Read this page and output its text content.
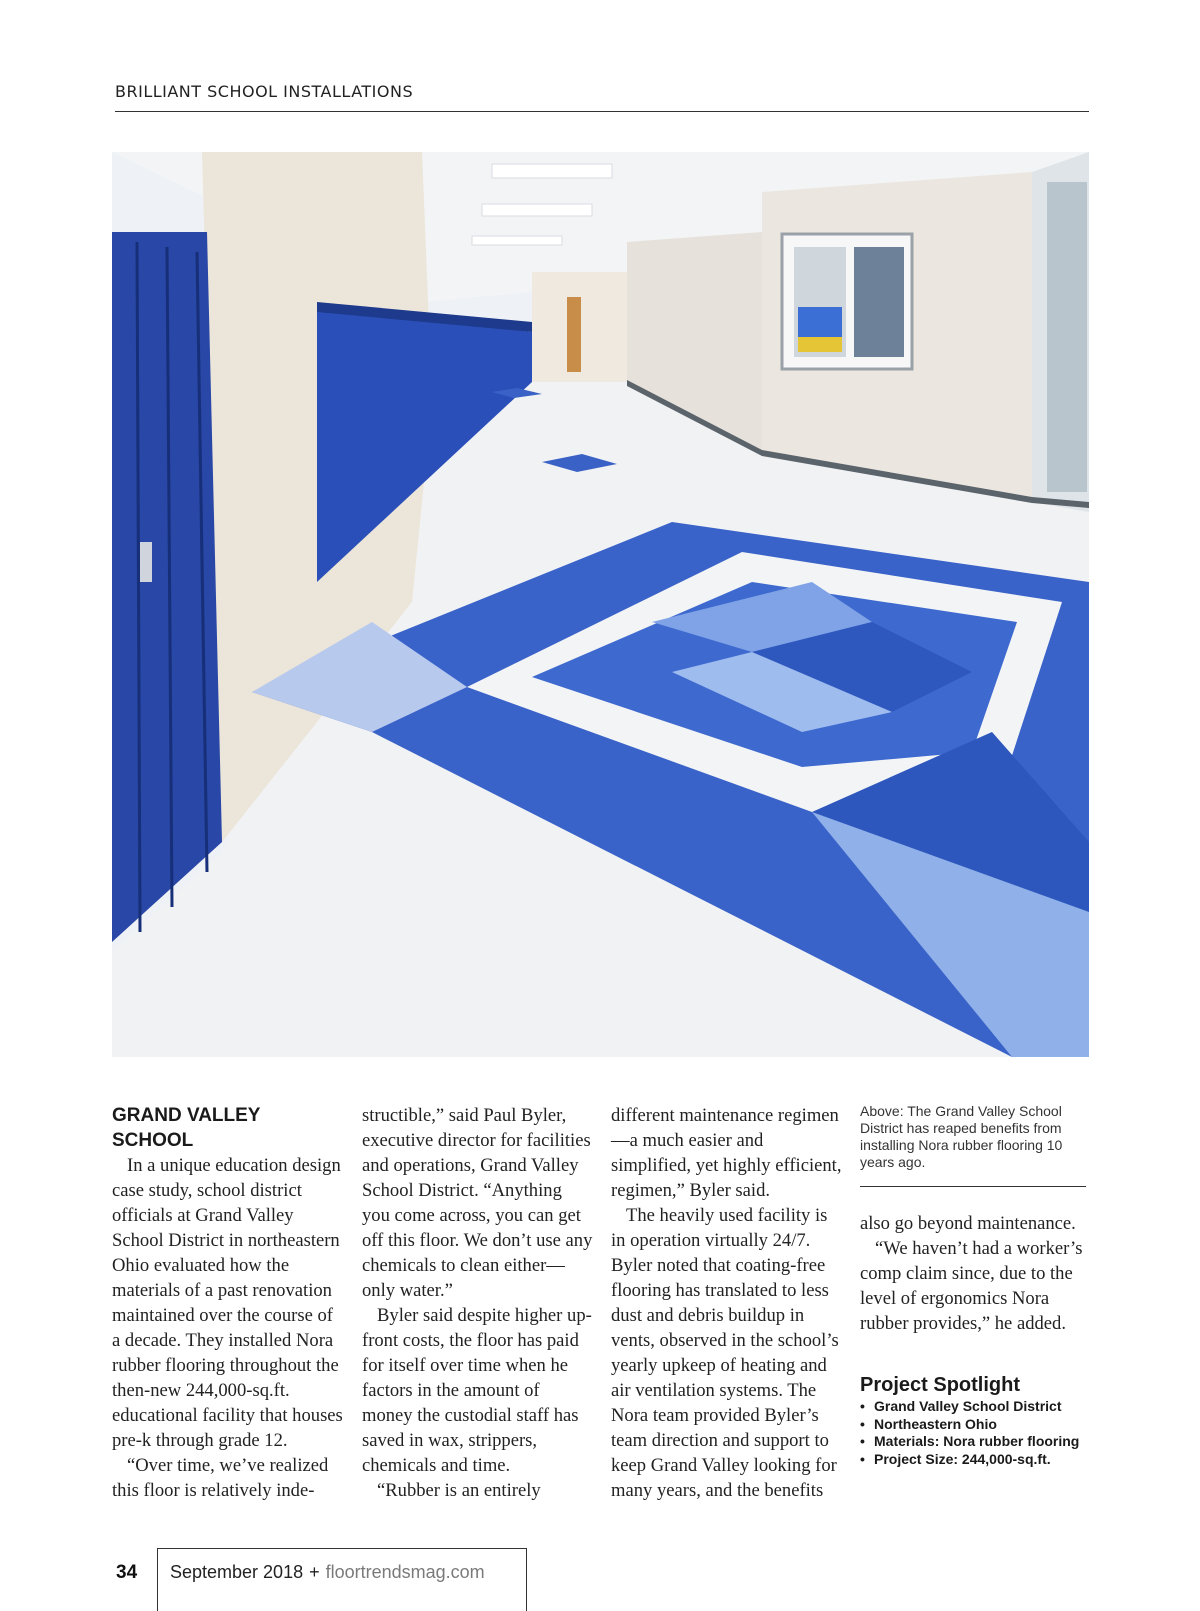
BRILLIANT SCHOOL INSTALLATIONS
GRAND VALLEY SCHOOL

In a unique education design case study, school district officials at Grand Valley School District in northeastern Ohio evaluated how the materials of a past renovation maintained over the course of a decade. They installed Nora rubber flooring throughout the then-new 244,000-sq.ft. educational facility that houses pre-k through grade 12.

“Over time, we’ve realized this floor is relatively inde-

structible,” said Paul Byler, executive director for facilities and operations, Grand Valley School District. “Anything you come across, you can get off this floor. We don’t use any chemicals to clean either—only water.”

Byler said despite higher up-front costs, the floor has paid for itself over time when he factors in the amount of money the custodial staff has saved in wax, strippers, chemicals and time.

“Rubber is an entirely

different maintenance regimen—a much easier and simplified, yet highly efficient, regimen,” Byler said.

The heavily used facility is in operation virtually 24/7. Byler noted that coating-free flooring has translated to less dust and debris buildup in vents, observed in the school’s yearly upkeep of heating and air ventilation systems. The Nora team provided Byler’s team direction and support to keep Grand Valley looking for many years, and the benefits

Above: The Grand Valley School District has reaped benefits from installing Nora rubber flooring 10 years ago.

also go beyond maintenance.

“We haven’t had a worker’s comp claim since, due to the level of ergonomics Nora rubber provides,” he added.

Project Spotlight
• Grand Valley School District
• Northeastern Ohio
• Materials: Nora rubber flooring
• Project Size: 244,000-sq.ft.
34 September 2018 + floortrendsmag.com
